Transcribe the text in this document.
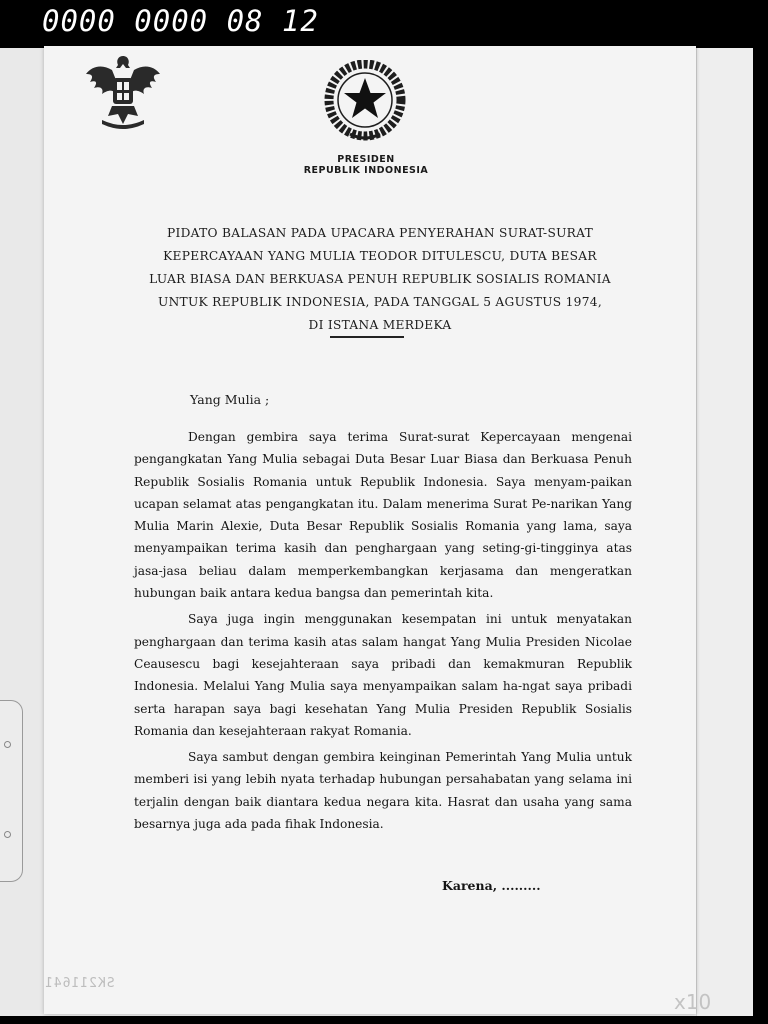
0000 0000 08 12
PRESIDEN
REPUBLIK INDONESIA
PIDATO BALASAN PADA UPACARA PENYERAHAN SURAT-SURAT
KEPERCAYAAN YANG MULIA TEODOR DITULESCU, DUTA BESAR
LUAR BIASA DAN BERKUASA PENUH REPUBLIK SOSIALIS ROMANIA
UNTUK REPUBLIK INDONESIA, PADA TANGGAL 5 AGUSTUS 1974,
DI ISTANA MERDEKA
Yang Mulia ;

Dengan gembira saya terima Surat-surat Kepercayaan mengenai pengangkatan Yang Mulia sebagai Duta Besar Luar Biasa dan Berkuasa Penuh Republik Sosialis Romania untuk Republik Indonesia. Saya menyam-paikan ucapan selamat atas pengangkatan itu. Dalam menerima Surat Pe-narikan Yang Mulia Marin Alexie, Duta Besar Republik Sosialis Romania yang lama, saya menyampaikan terima kasih dan penghargaan yang seting-gi-tingginya atas jasa-jasa beliau dalam memperkembangkan kerjasama dan mengeratkan hubungan baik antara kedua bangsa dan pemerintah kita.

Saya juga ingin menggunakan kesempatan ini untuk menyatakan penghargaan dan terima kasih atas salam hangat Yang Mulia Presiden Nicolae Ceausescu bagi kesejahteraan saya pribadi dan kemakmuran Republik Indonesia. Melalui Yang Mulia saya menyampaikan salam ha-ngat saya pribadi serta harapan saya bagi kesehatan Yang Mulia Presiden Republik Sosialis Romania dan kesejahteraan rakyat Romania.

Saya sambut dengan gembira keinginan Pemerintah Yang Mulia untuk memberi isi yang lebih nyata terhadap hubungan persahabatan yang selama ini terjalin dengan baik diantara kedua negara kita. Hasrat dan usaha yang sama besarnya juga ada pada fihak Indonesia.

Karena, .........
SK211641
x10
